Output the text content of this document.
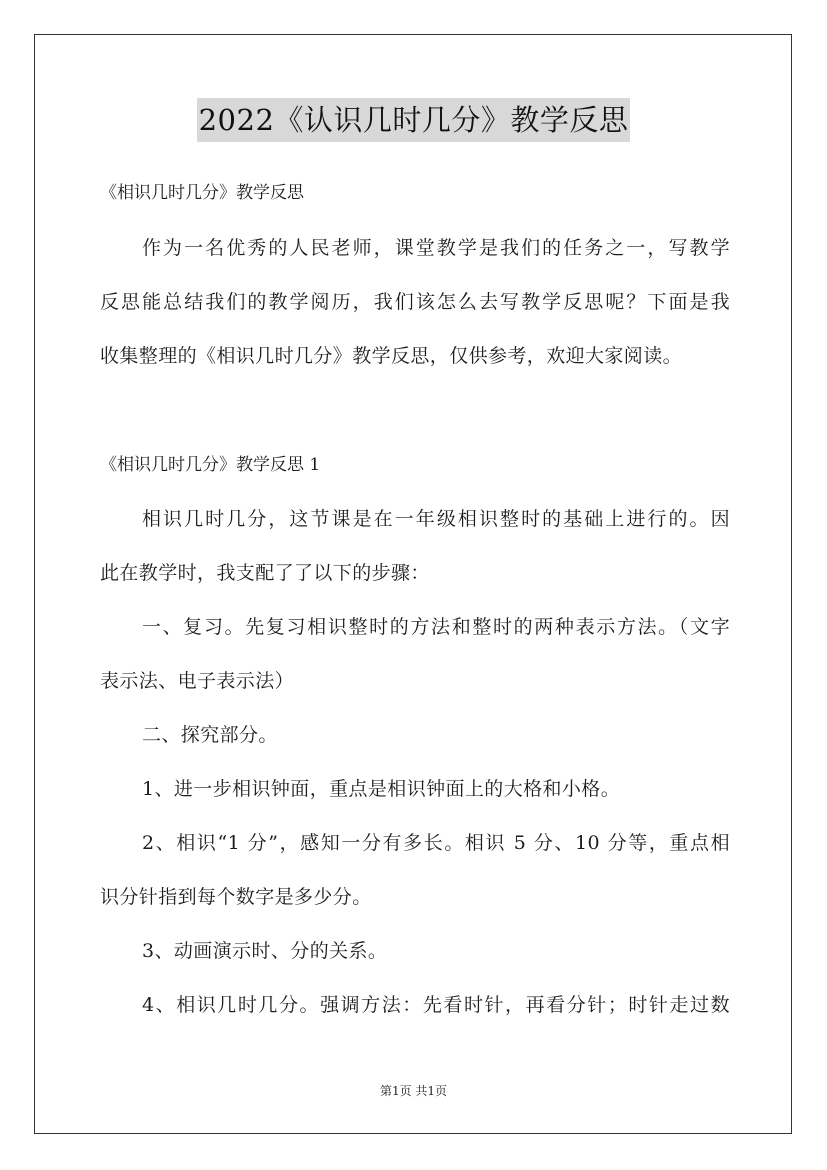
2022《认识几时几分》教学反思
《相识几时几分》教学反思
作为一名优秀的人民老师，课堂教学是我们的任务之一，写教学
反思能总结我们的教学阅历，我们该怎么去写教学反思呢？下面是我
收集整理的《相识几时几分》教学反思，仅供参考，欢迎大家阅读。
《相识几时几分》教学反思 1
相识几时几分，这节课是在一年级相识整时的基础上进行的。因
此在教学时，我支配了了以下的步骤：
一、复习。先复习相识整时的方法和整时的两种表示方法。（文字
表示法、电子表示法）
二、探究部分。
1、进一步相识钟面，重点是相识钟面上的大格和小格。
2、相识“1 分”，感知一分有多长。相识 5 分、10 分等，重点相
识分针指到每个数字是多少分。
3、动画演示时、分的关系。
4、相识几时几分。强调方法：先看时针，再看分针；时针走过数
第1页 共1页
